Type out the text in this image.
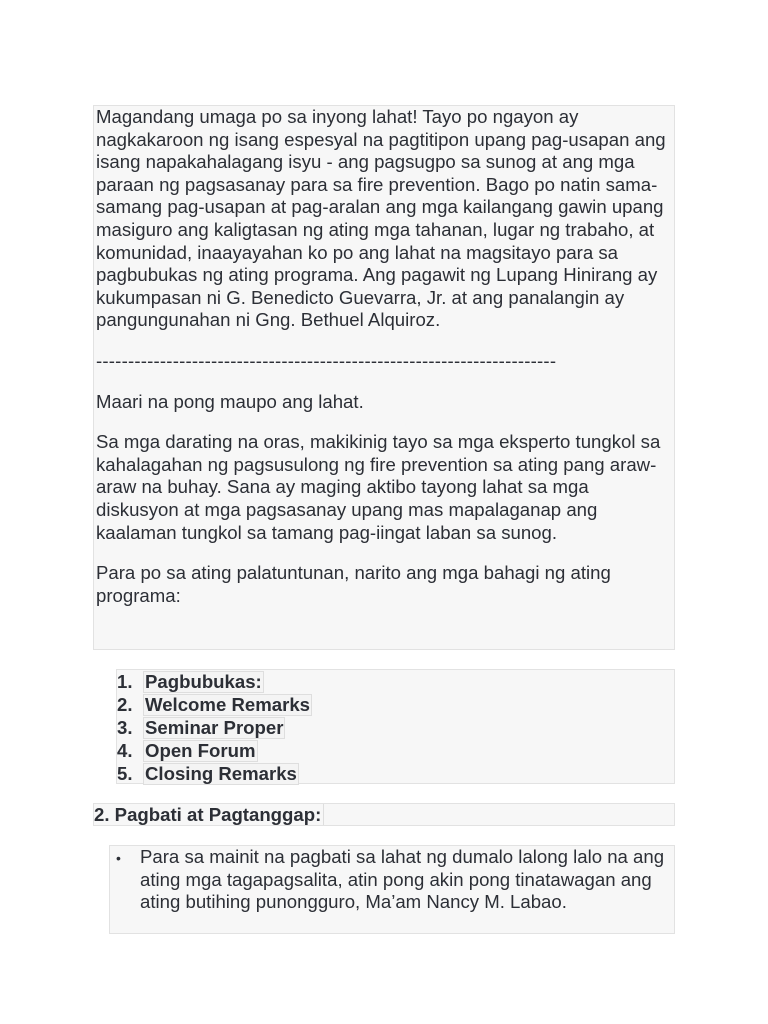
Magandang umaga po sa inyong lahat! Tayo po ngayon ay nagkakaroon ng isang espesyal na pagtitipon upang pag-usapan ang isang napakahalagang isyu - ang pagsugpo sa sunog at ang mga paraan ng pagsasanay para sa fire prevention. Bago po natin sama-samang pag-usapan at pag-aralan ang mga kailangang gawin upang masiguro ang kaligtasan ng ating mga tahanan, lugar ng trabaho, at komunidad, inaayayahan ko po ang lahat na magsitayo para sa pagbubukas ng ating programa. Ang pagawit ng Lupang Hinirang ay kukumpasan ni G. Benedicto Guevarra, Jr. at ang panalangin ay pangungunahan ni Gng. Bethuel Alquiroz.

------------------------------------------------------------------------

Maari na pong maupo ang lahat.

Sa mga darating na oras, makikinig tayo sa mga eksperto tungkol sa kahalagahan ng pagsusulong ng fire prevention sa ating pang araw-araw na buhay. Sana ay maging aktibo tayong lahat sa mga diskusyon at mga pagsasanay upang mas mapalaganap ang kaalaman tungkol sa tamang pag-iingat laban sa sunog.

Para po sa ating palatuntunan, narito ang mga bahagi ng ating programa:

1. Pagbubukas:
2. Welcome Remarks
3. Seminar Proper
4. Open Forum
5. Closing Remarks
2. Pagbati at Pagtanggap:
• Para sa mainit na pagbati sa lahat ng dumalo lalong lalo na ang ating mga tagapagsalita, atin pong akin pong tinatawagan ang ating butihing punongguro, Ma’am Nancy M. Labao.
